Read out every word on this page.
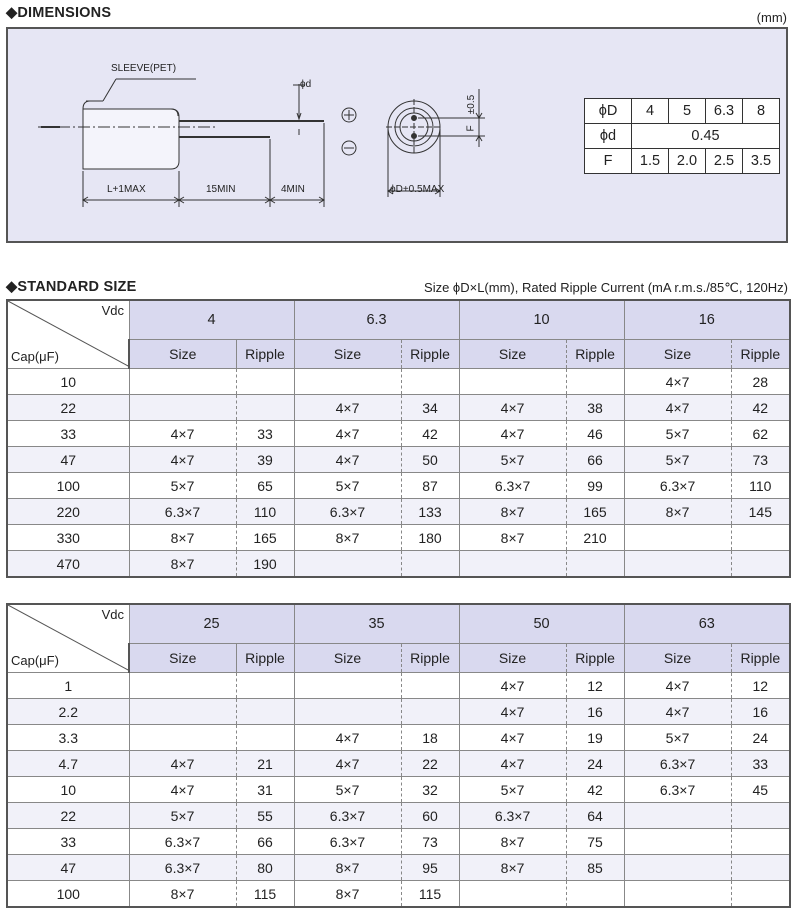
◆DIMENSIONS	(mm)
SLEEVE(PET)
ϕd
L+1MAX	15MIN	4MIN	ϕD+0.5MAX
±0.5
F
ϕD	4	5	6.3	8
ϕd	0.45			
F	1.5	2.0	2.5	3.5
◆STANDARD SIZE	Size ϕD×L(mm), Rated Ripple Current (mA r.m.s./85℃, 120Hz)
Vdc
Cap(μF)	4		6.3		10		16	
	Size	Ripple	Size	Ripple	Size	Ripple	Size	Ripple
10							4×7	28
22			4×7	34	4×7	38	4×7	42
33	4×7	33	4×7	42	4×7	46	5×7	62
47	4×7	39	4×7	50	5×7	66	5×7	73
100	5×7	65	5×7	87	6.3×7	99	6.3×7	110
220	6.3×7	110	6.3×7	133	8×7	165	8×7	145
330	8×7	165	8×7	180	8×7	210		
470	8×7	190						
Vdc
Cap(μF)	25		35		50		63	
	Size	Ripple	Size	Ripple	Size	Ripple	Size	Ripple
1					4×7	12	4×7	12
2.2					4×7	16	4×7	16
3.3			4×7	18	4×7	19	5×7	24
4.7	4×7	21	4×7	22	4×7	24	6.3×7	33
10	4×7	31	5×7	32	5×7	42	6.3×7	45
22	5×7	55	6.3×7	60	6.3×7	64		
33	6.3×7	66	6.3×7	73	8×7	75		
47	6.3×7	80	8×7	95	8×7	85		
100	8×7	115	8×7	115				
